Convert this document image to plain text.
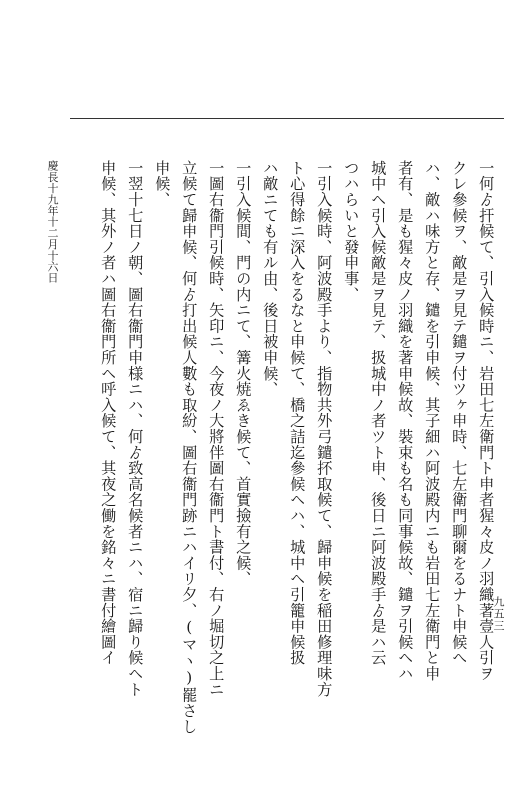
九五三
一何ゟ扞候て、引入候時ニ、岩田七左衛門ト申者猩々皮ノ羽織著壹人引ヲ
クレ參候ヲ、敵是ヲ見テ鑓ヲ付ツヶ申時、七左衛門聊爾をるナト申候へ
ハ、敵ハ味方と存、鑓を引申候、其子細ハ阿波殿内ニも岩田七左衛門と申
者有、是も猩々皮ノ羽織を著申候故、裝束も名も同事候故、鑓ヲ引候ヘハ
城中ヘ引入候敵是ヲ見テ、扱城中ノ者ツト申、後日ニ阿波殿手ゟ是ハ云
つハらいと發申事、
一引入候時、阿波殿手より、指物共外弓鑓抔取候て、歸申候を稲田修理味方
ト心得餘ニ深入をるなと申候て、橋之詰迄參候ヘハ、城中ヘ引籠申候扱
ハ敵ニても有ル由、後日被申候、
一引入候間、門の内ニて、篝火焼ゑき候て、首實撿有之候、
一圖右衞門引候時、矢印ニ、今夜ノ大將伴圖右衞門ト書付、右ノ堀切之上ニ
立候て歸申候、何ゟ打出候人數も取紛、圖右衞門跡ニハイリ夕、(マヽ)罷さし
申候、
一翌十七日ノ朝、圖右衞門申様ニハ、何ゟ致高名候者ニハ、宿ニ歸り候ヘト
申候、其外ノ者ハ圖右衞門所ヘ呼入候て、其夜之働を銘々ニ書付繪圖イ
慶長十九年十二月十六日
